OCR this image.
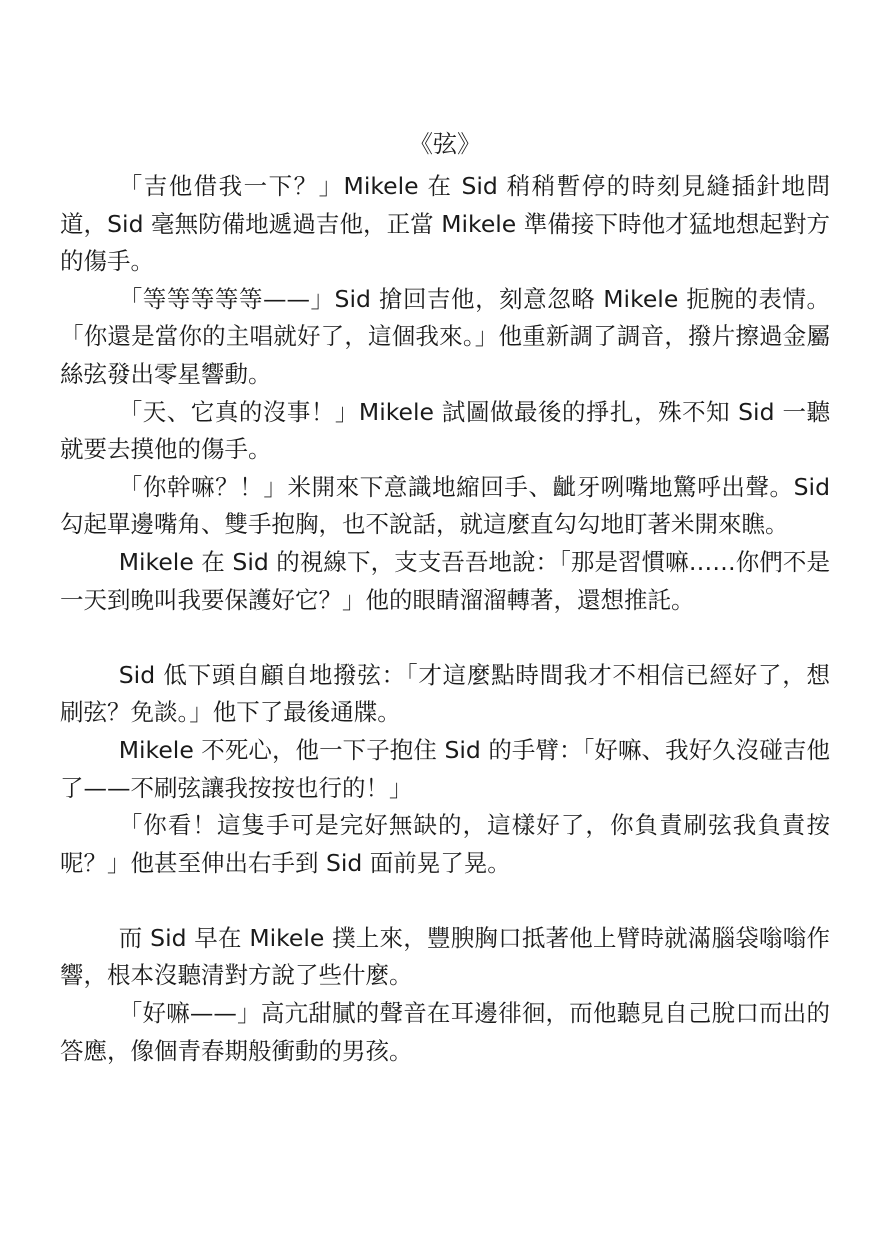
《弦》

「吉他借我一下？」Mikele 在 Sid 稍稍暫停的時刻見縫插針地問道，Sid 毫無防備地遞過吉他，正當 Mikele 準備接下時他才猛地想起對方的傷手。

「等等等等等——」Sid 搶回吉他，刻意忽略 Mikele 扼腕的表情。「你還是當你的主唱就好了，這個我來。」他重新調了調音，撥片擦過金屬絲弦發出零星響動。

「天、它真的沒事！」Mikele 試圖做最後的掙扎，殊不知 Sid 一聽就要去摸他的傷手。

「你幹嘛？！」米開來下意識地縮回手、齜牙咧嘴地驚呼出聲。Sid 勾起單邊嘴角、雙手抱胸，也不說話，就這麼直勾勾地盯著米開來瞧。

Mikele 在 Sid 的視線下，支支吾吾地說：「那是習慣嘛……你們不是一天到晚叫我要保護好它？」他的眼睛溜溜轉著，還想推託。

Sid 低下頭自顧自地撥弦：「才這麼點時間我才不相信已經好了，想刷弦？免談。」他下了最後通牒。

Mikele 不死心，他一下子抱住 Sid 的手臂：「好嘛、我好久沒碰吉他了——不刷弦讓我按按也行的！」

「你看！這隻手可是完好無缺的，這樣好了，你負責刷弦我負責按呢？」他甚至伸出右手到 Sid 面前晃了晃。

而 Sid 早在 Mikele 撲上來，豐腴胸口抵著他上臂時就滿腦袋嗡嗡作響，根本沒聽清對方說了些什麼。

「好嘛——」高亢甜膩的聲音在耳邊徘徊，而他聽見自己脫口而出的答應，像個青春期般衝動的男孩。
